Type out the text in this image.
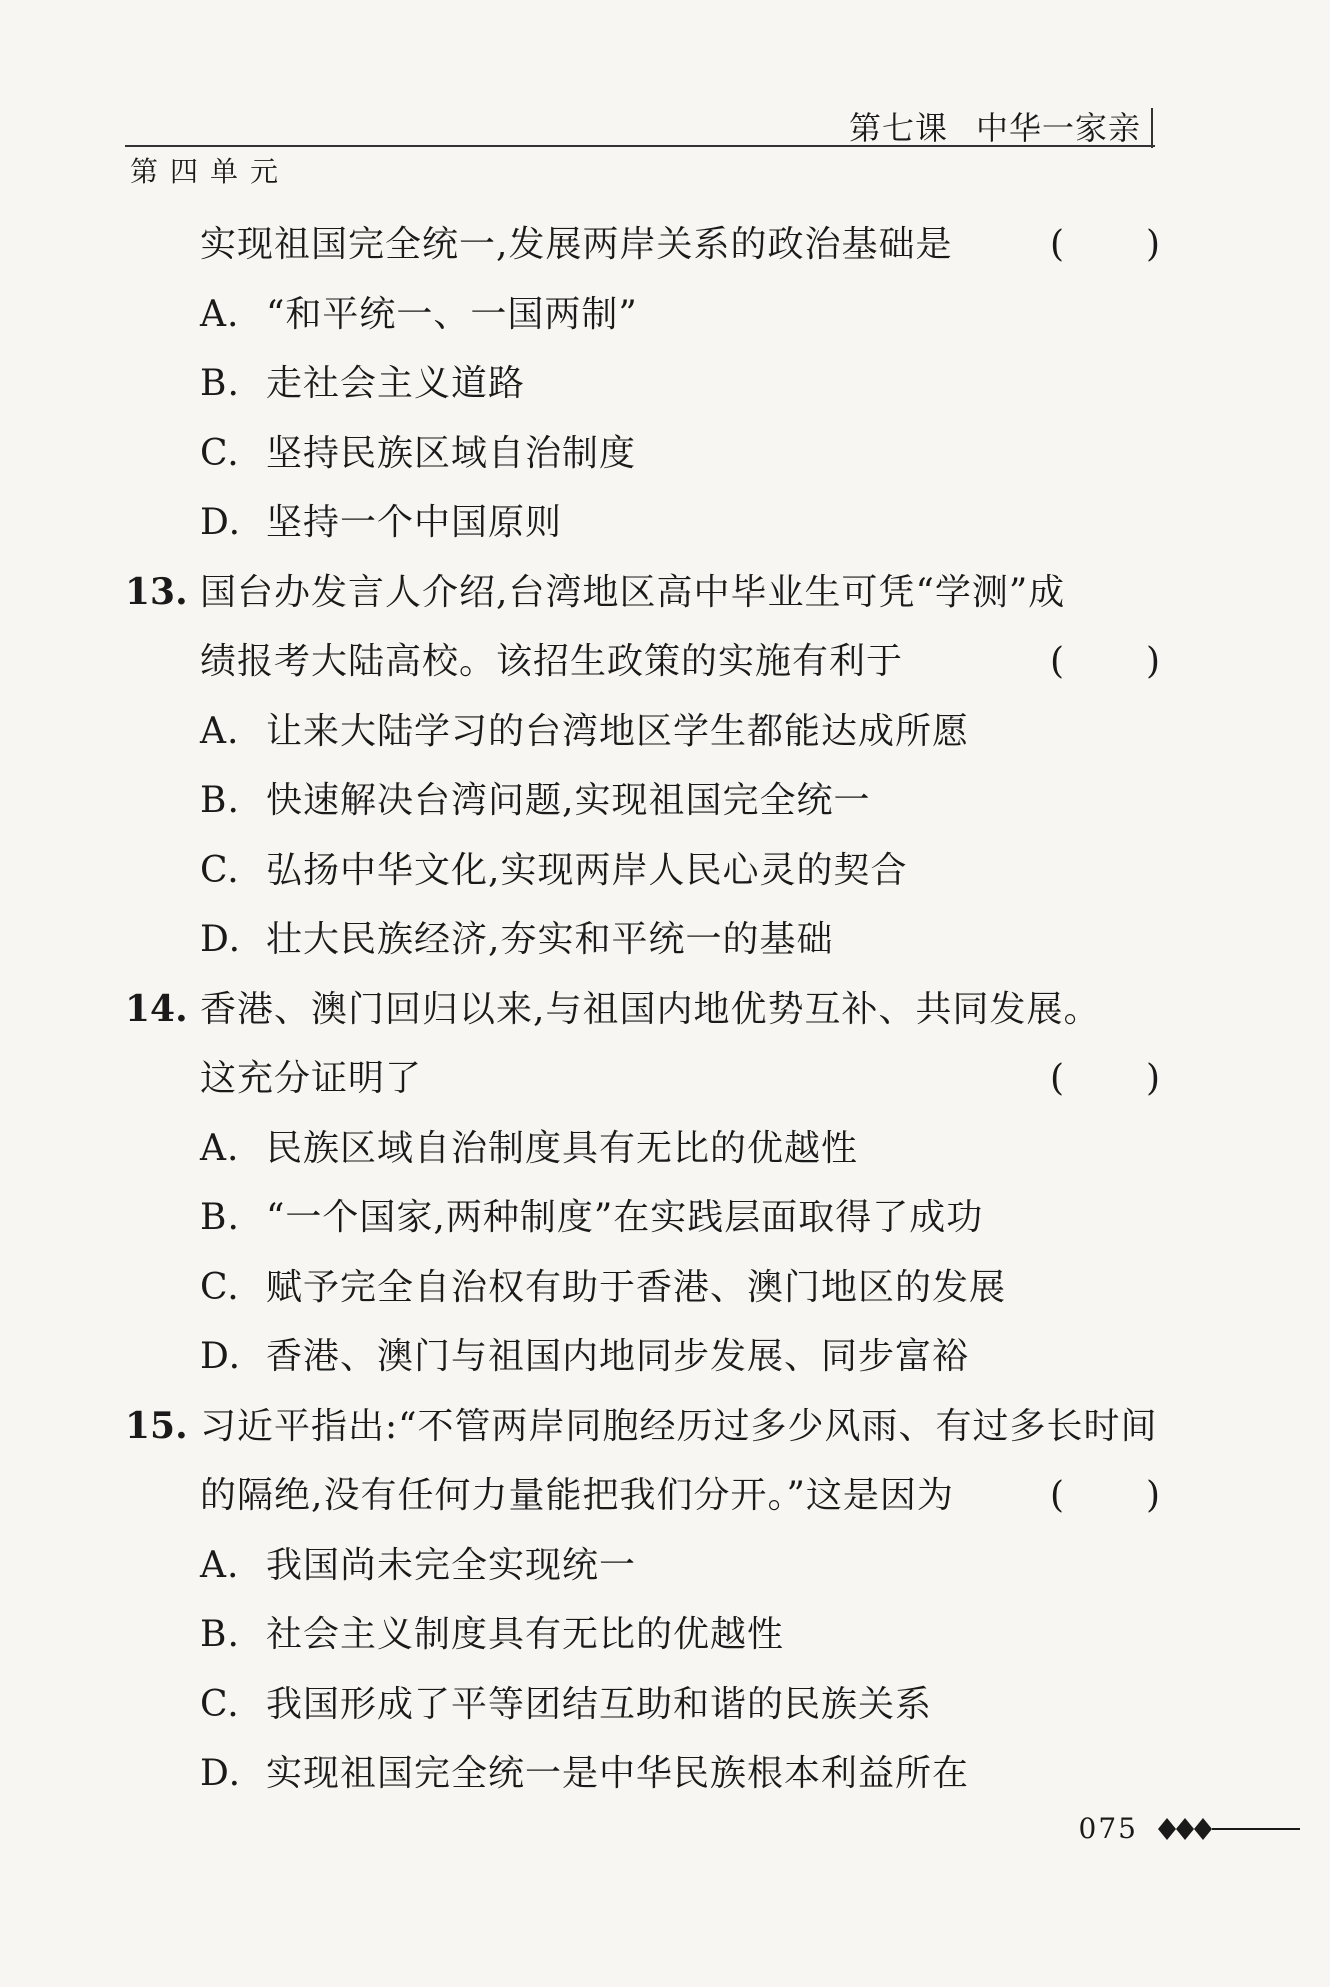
第七课 中华一家亲
第四单元
实现祖国完全统一,发展两岸关系的政治基础是	( )
A. “和平统一、一国两制”
B. 走社会主义道路
C. 坚持民族区域自治制度
D. 坚持一个中国原则
13. 国台办发言人介绍,台湾地区高中毕业生可凭“学测”成
绩报考大陆高校。该招生政策的实施有利于	( )
A. 让来大陆学习的台湾地区学生都能达成所愿
B. 快速解决台湾问题,实现祖国完全统一
C. 弘扬中华文化,实现两岸人民心灵的契合
D. 壮大民族经济,夯实和平统一的基础
14. 香港、澳门回归以来,与祖国内地优势互补、共同发展。
这充分证明了	( )
A. 民族区域自治制度具有无比的优越性
B. “一个国家,两种制度”在实践层面取得了成功
C. 赋予完全自治权有助于香港、澳门地区的发展
D. 香港、澳门与祖国内地同步发展、同步富裕
15. 习近平指出:“不管两岸同胞经历过多少风雨、有过多长时间
的隔绝,没有任何力量能把我们分开。”这是因为	( )
A. 我国尚未完全实现统一
B. 社会主义制度具有无比的优越性
C. 我国形成了平等团结互助和谐的民族关系
D. 实现祖国完全统一是中华民族根本利益所在
075
